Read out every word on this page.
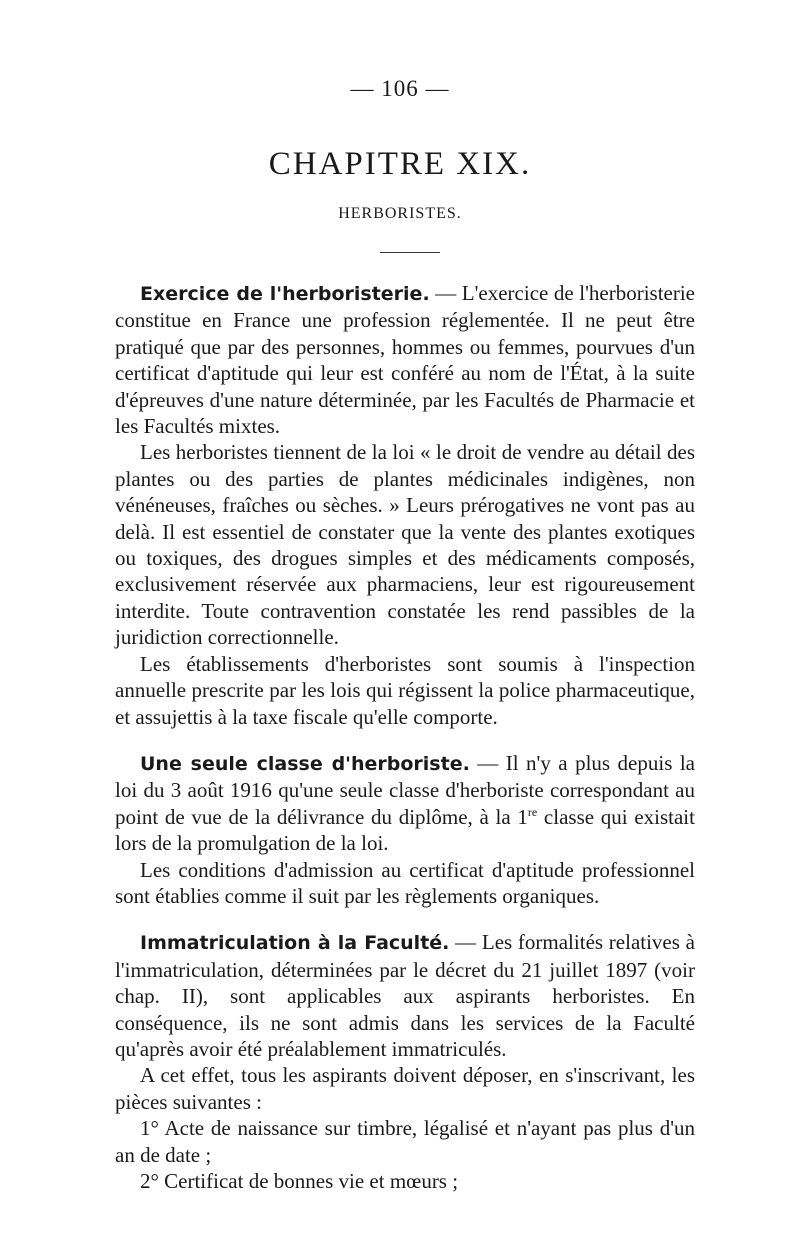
— 106 —
CHAPITRE XIX.
HERBORISTES.

Exercice de l'herboristerie. — L'exercice de l'herboristerie constitue en France une profession réglementée. Il ne peut être pratiqué que par des personnes, hommes ou femmes, pourvues d'un certificat d'aptitude qui leur est conféré au nom de l'État, à la suite d'épreuves d'une nature déterminée, par les Facultés de Pharmacie et les Facultés mixtes.

Les herboristes tiennent de la loi « le droit de vendre au détail des plantes ou des parties de plantes médicinales indigènes, non vénéneuses, fraîches ou sèches. » Leurs prérogatives ne vont pas au delà. Il est essentiel de constater que la vente des plantes exotiques ou toxiques, des drogues simples et des médicaments composés, exclusivement réservée aux pharmaciens, leur est rigoureusement interdite. Toute contravention constatée les rend passibles de la juridiction correctionnelle.

Les établissements d'herboristes sont soumis à l'inspection annuelle prescrite par les lois qui régissent la police pharmaceutique, et assujettis à la taxe fiscale qu'elle comporte.

Une seule classe d'herboriste. — Il n'y a plus depuis la loi du 3 août 1916 qu'une seule classe d'herboriste correspondant au point de vue de la délivrance du diplôme, à la 1re classe qui existait lors de la promulgation de la loi.

Les conditions d'admission au certificat d'aptitude professionnel sont établies comme il suit par les règlements organiques.

Immatriculation à la Faculté. — Les formalités relatives à l'immatriculation, déterminées par le décret du 21 juillet 1897 (voir chap. II), sont applicables aux aspirants herboristes. En conséquence, ils ne sont admis dans les services de la Faculté qu'après avoir été préalablement immatriculés.

A cet effet, tous les aspirants doivent déposer, en s'inscrivant, les pièces suivantes :

1° Acte de naissance sur timbre, légalisé et n'ayant pas plus d'un an de date ;

2° Certificat de bonnes vie et mœurs ;
